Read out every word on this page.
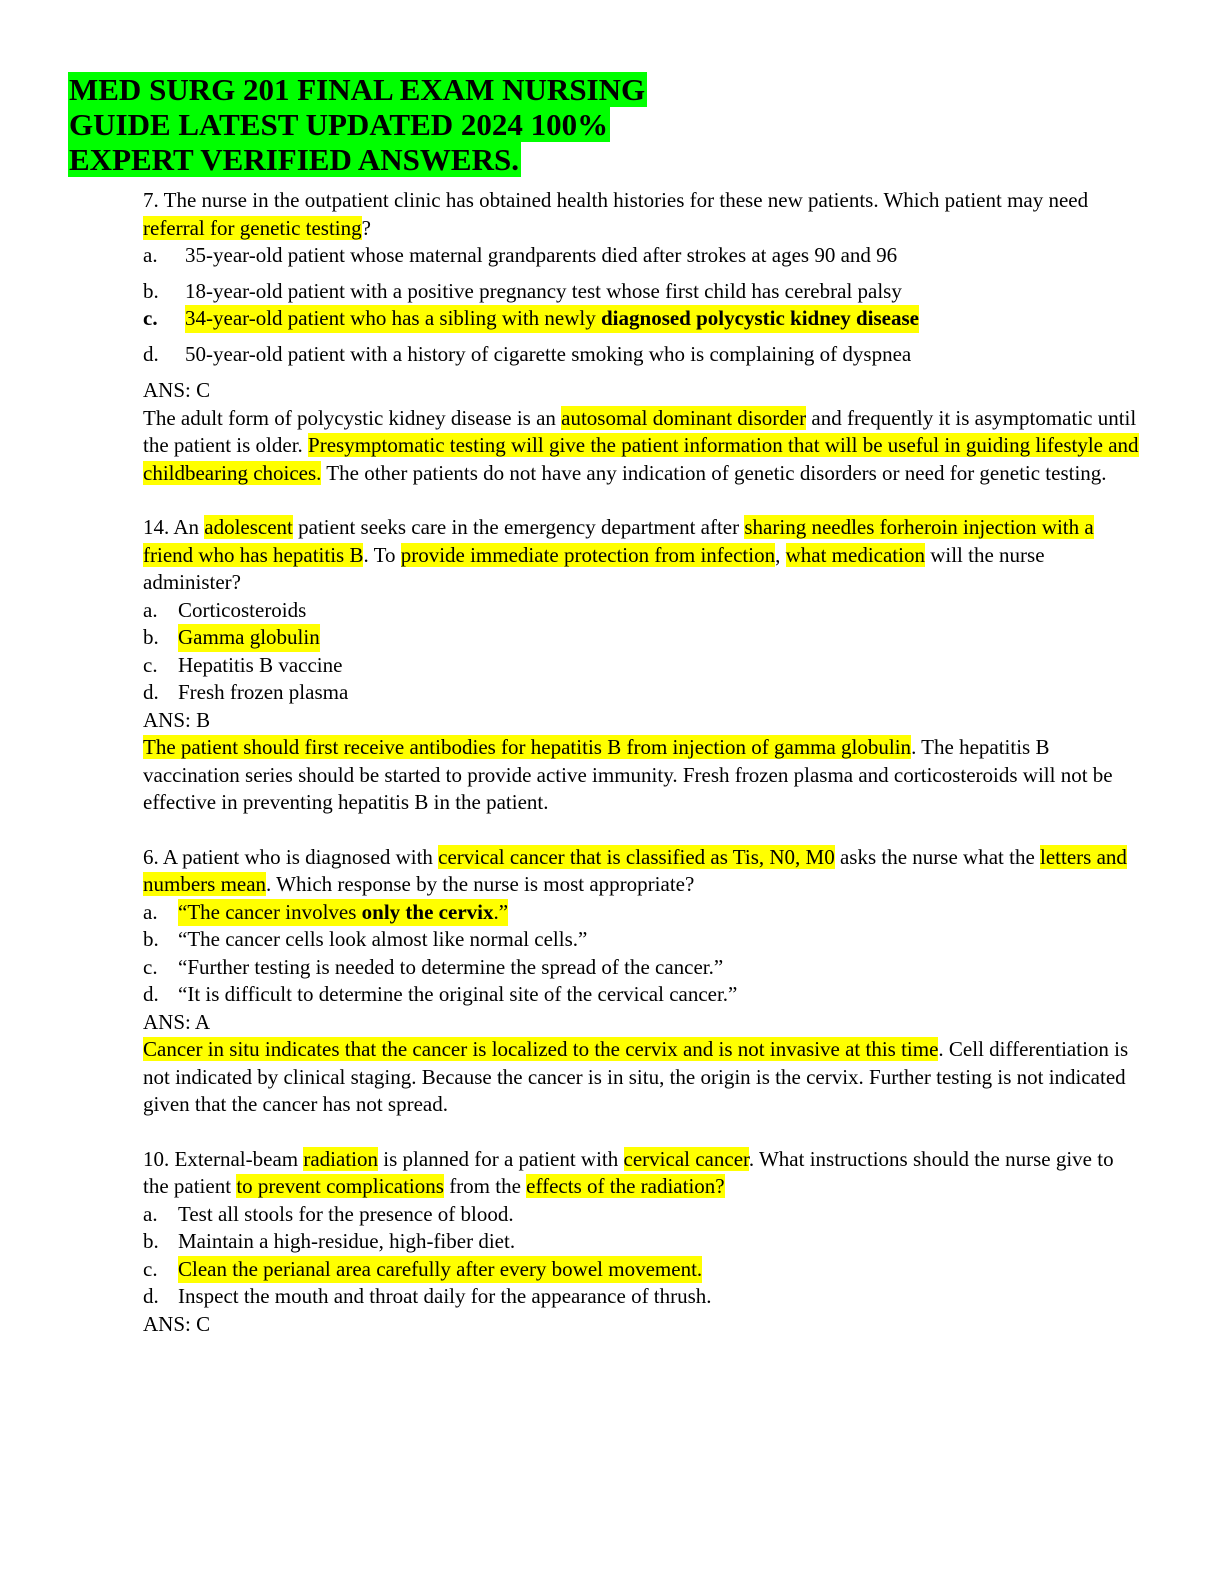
MED SURG 201 FINAL EXAM NURSING
GUIDE LATEST UPDATED 2024 100%
EXPERT VERIFIED ANSWERS.

7. The nurse in the outpatient clinic has obtained health histories for these new patients. Which patient may need referral for genetic testing?

a.	35-year-old patient whose maternal grandparents died after strokes at ages 90 and 96
b.	18-year-old patient with a positive pregnancy test whose first child has cerebral palsy
c.	34-year-old patient who has a sibling with newly diagnosed polycystic kidney disease
d.	50-year-old patient with a history of cigarette smoking who is complaining of dyspnea

ANS: C

The adult form of polycystic kidney disease is an autosomal dominant disorder and frequently it is asymptomatic until the patient is older. Presymptomatic testing will give the patient information that will be useful in guiding lifestyle and childbearing choices. The other patients do not have any indication of genetic disorders or need for genetic testing.

14. An adolescent patient seeks care in the emergency department after sharing needles forheroin injection with a friend who has hepatitis B. To provide immediate protection from infection, what medication will the nurse administer?

a. Corticosteroids
b. Gamma globulin
c. Hepatitis B vaccine
d. Fresh frozen plasma

ANS: B

The patient should first receive antibodies for hepatitis B from injection of gamma globulin. The hepatitis B vaccination series should be started to provide active immunity. Fresh frozen plasma and corticosteroids will not be effective in preventing hepatitis B in the patient.

6. A patient who is diagnosed with cervical cancer that is classified as Tis, N0, M0 asks the nurse what the letters and numbers mean. Which response by the nurse is most appropriate?

a. “The cancer involves only the cervix.”
b. “The cancer cells look almost like normal cells.”
c. “Further testing is needed to determine the spread of the cancer.”
d. “It is difficult to determine the original site of the cervical cancer.”

ANS: A

Cancer in situ indicates that the cancer is localized to the cervix and is not invasive at this time. Cell differentiation is not indicated by clinical staging. Because the cancer is in situ, the origin is the cervix. Further testing is not indicated given that the cancer has not spread.

10. External-beam radiation is planned for a patient with cervical cancer. What instructions should the nurse give to the patient to prevent complications from the effects of the radiation?

a. Test all stools for the presence of blood.
b. Maintain a high-residue, high-fiber diet.
c. Clean the perianal area carefully after every bowel movement.
d. Inspect the mouth and throat daily for the appearance of thrush.

ANS: C
